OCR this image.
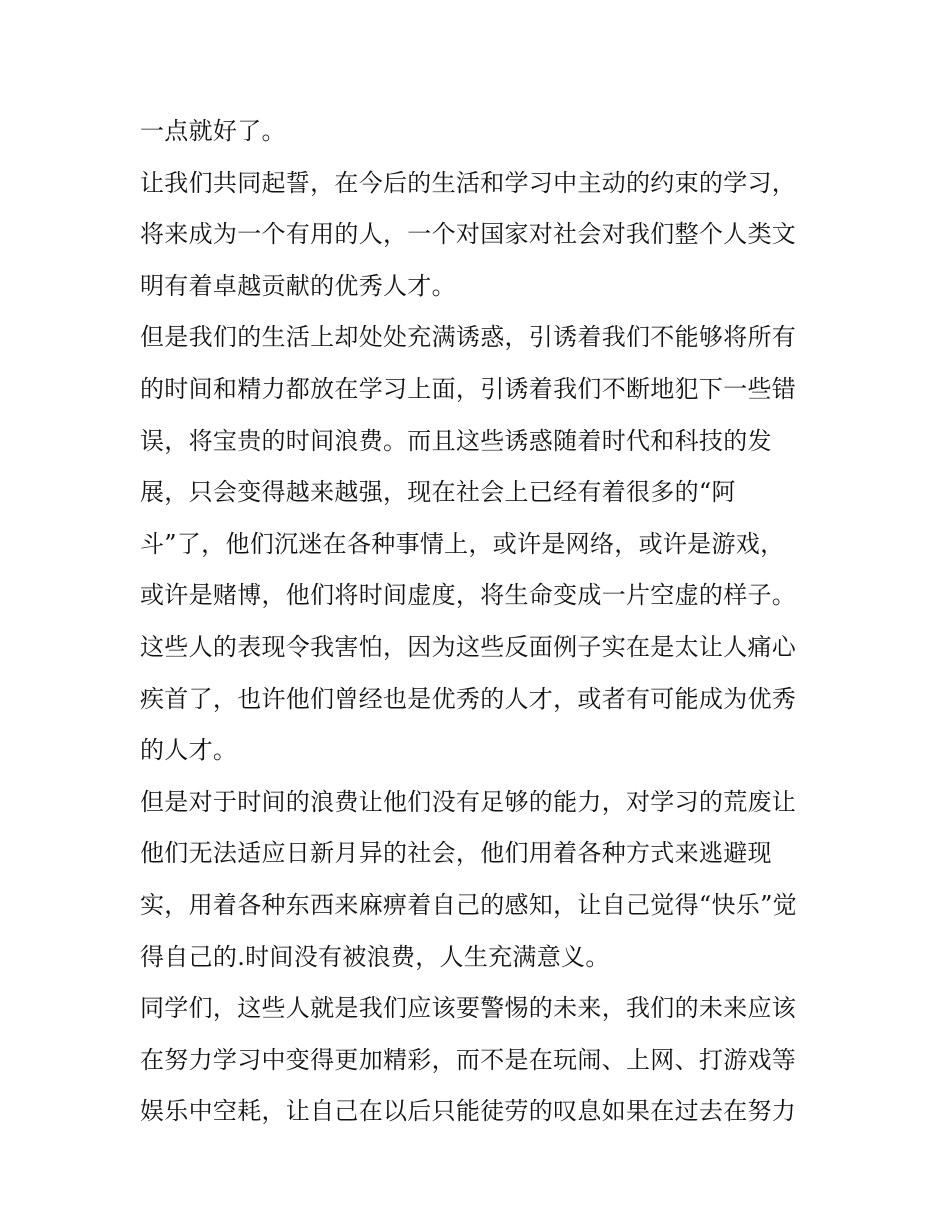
一点就好了。
让我们共同起誓，在今后的生活和学习中主动的约束的学习，
将来成为一个有用的人，一个对国家对社会对我们整个人类文
明有着卓越贡献的优秀人才。
但是我们的生活上却处处充满诱惑，引诱着我们不能够将所有
的时间和精力都放在学习上面，引诱着我们不断地犯下一些错
误，将宝贵的时间浪费。而且这些诱惑随着时代和科技的发
展，只会变得越来越强，现在社会上已经有着很多的“阿
斗”了，他们沉迷在各种事情上，或许是网络，或许是游戏，
或许是赌博，他们将时间虚度，将生命变成一片空虚的样子。
这些人的表现令我害怕，因为这些反面例子实在是太让人痛心
疾首了，也许他们曾经也是优秀的人才，或者有可能成为优秀
的人才。
但是对于时间的浪费让他们没有足够的能力，对学习的荒废让
他们无法适应日新月异的社会，他们用着各种方式来逃避现
实，用着各种东西来麻痹着自己的感知，让自己觉得“快乐”觉
得自己的.时间没有被浪费，人生充满意义。
同学们，这些人就是我们应该要警惕的未来，我们的未来应该
在努力学习中变得更加精彩，而不是在玩闹、上网、打游戏等
娱乐中空耗，让自己在以后只能徒劳的叹息如果在过去在努力
